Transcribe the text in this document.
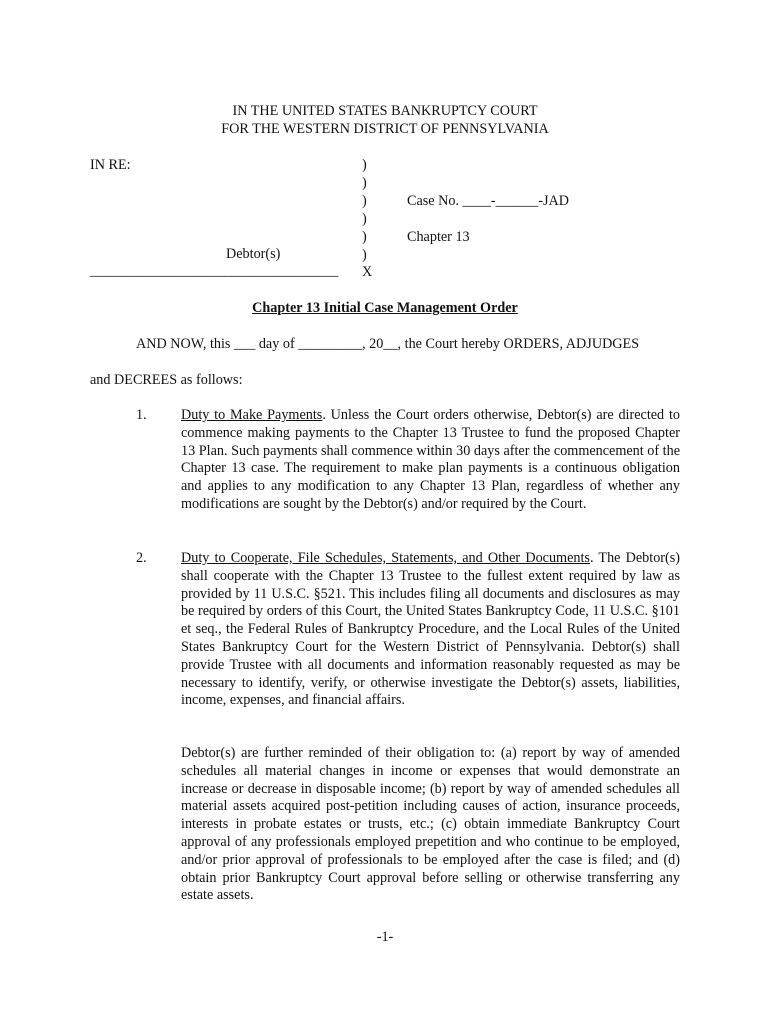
IN THE UNITED STATES BANKRUPTCY COURT
FOR THE WESTERN DISTRICT OF PENNSYLVANIA
IN RE:	)
)
)
)
)
)
X
Case No. ____-______-JAD
Chapter 13
Debtor(s)
___________________________________
Chapter 13 Initial Case Management Order
AND NOW, this ___ day of _________, 20__, the Court hereby ORDERS, ADJUDGES
and DECREES as follows:
1. Duty to Make Payments. Unless the Court orders otherwise, Debtor(s) are directed to commence making payments to the Chapter 13 Trustee to fund the proposed Chapter 13 Plan. Such payments shall commence within 30 days after the commencement of the Chapter 13 case. The requirement to make plan payments is a continuous obligation and applies to any modification to any Chapter 13 Plan, regardless of whether any modifications are sought by the Debtor(s) and/or required by the Court.
2. Duty to Cooperate, File Schedules, Statements, and Other Documents. The Debtor(s) shall cooperate with the Chapter 13 Trustee to the fullest extent required by law as provided by 11 U.S.C. §521. This includes filing all documents and disclosures as may be required by orders of this Court, the United States Bankruptcy Code, 11 U.S.C. §101 et seq., the Federal Rules of Bankruptcy Procedure, and the Local Rules of the United States Bankruptcy Court for the Western District of Pennsylvania. Debtor(s) shall provide Trustee with all documents and information reasonably requested as may be necessary to identify, verify, or otherwise investigate the Debtor(s) assets, liabilities, income, expenses, and financial affairs.
Debtor(s) are further reminded of their obligation to: (a) report by way of amended schedules all material changes in income or expenses that would demonstrate an increase or decrease in disposable income; (b) report by way of amended schedules all material assets acquired post-petition including causes of action, insurance proceeds, interests in probate estates or trusts, etc.; (c) obtain immediate Bankruptcy Court approval of any professionals employed prepetition and who continue to be employed, and/or prior approval of professionals to be employed after the case is filed; and (d) obtain prior Bankruptcy Court approval before selling or otherwise transferring any estate assets.
-1-
